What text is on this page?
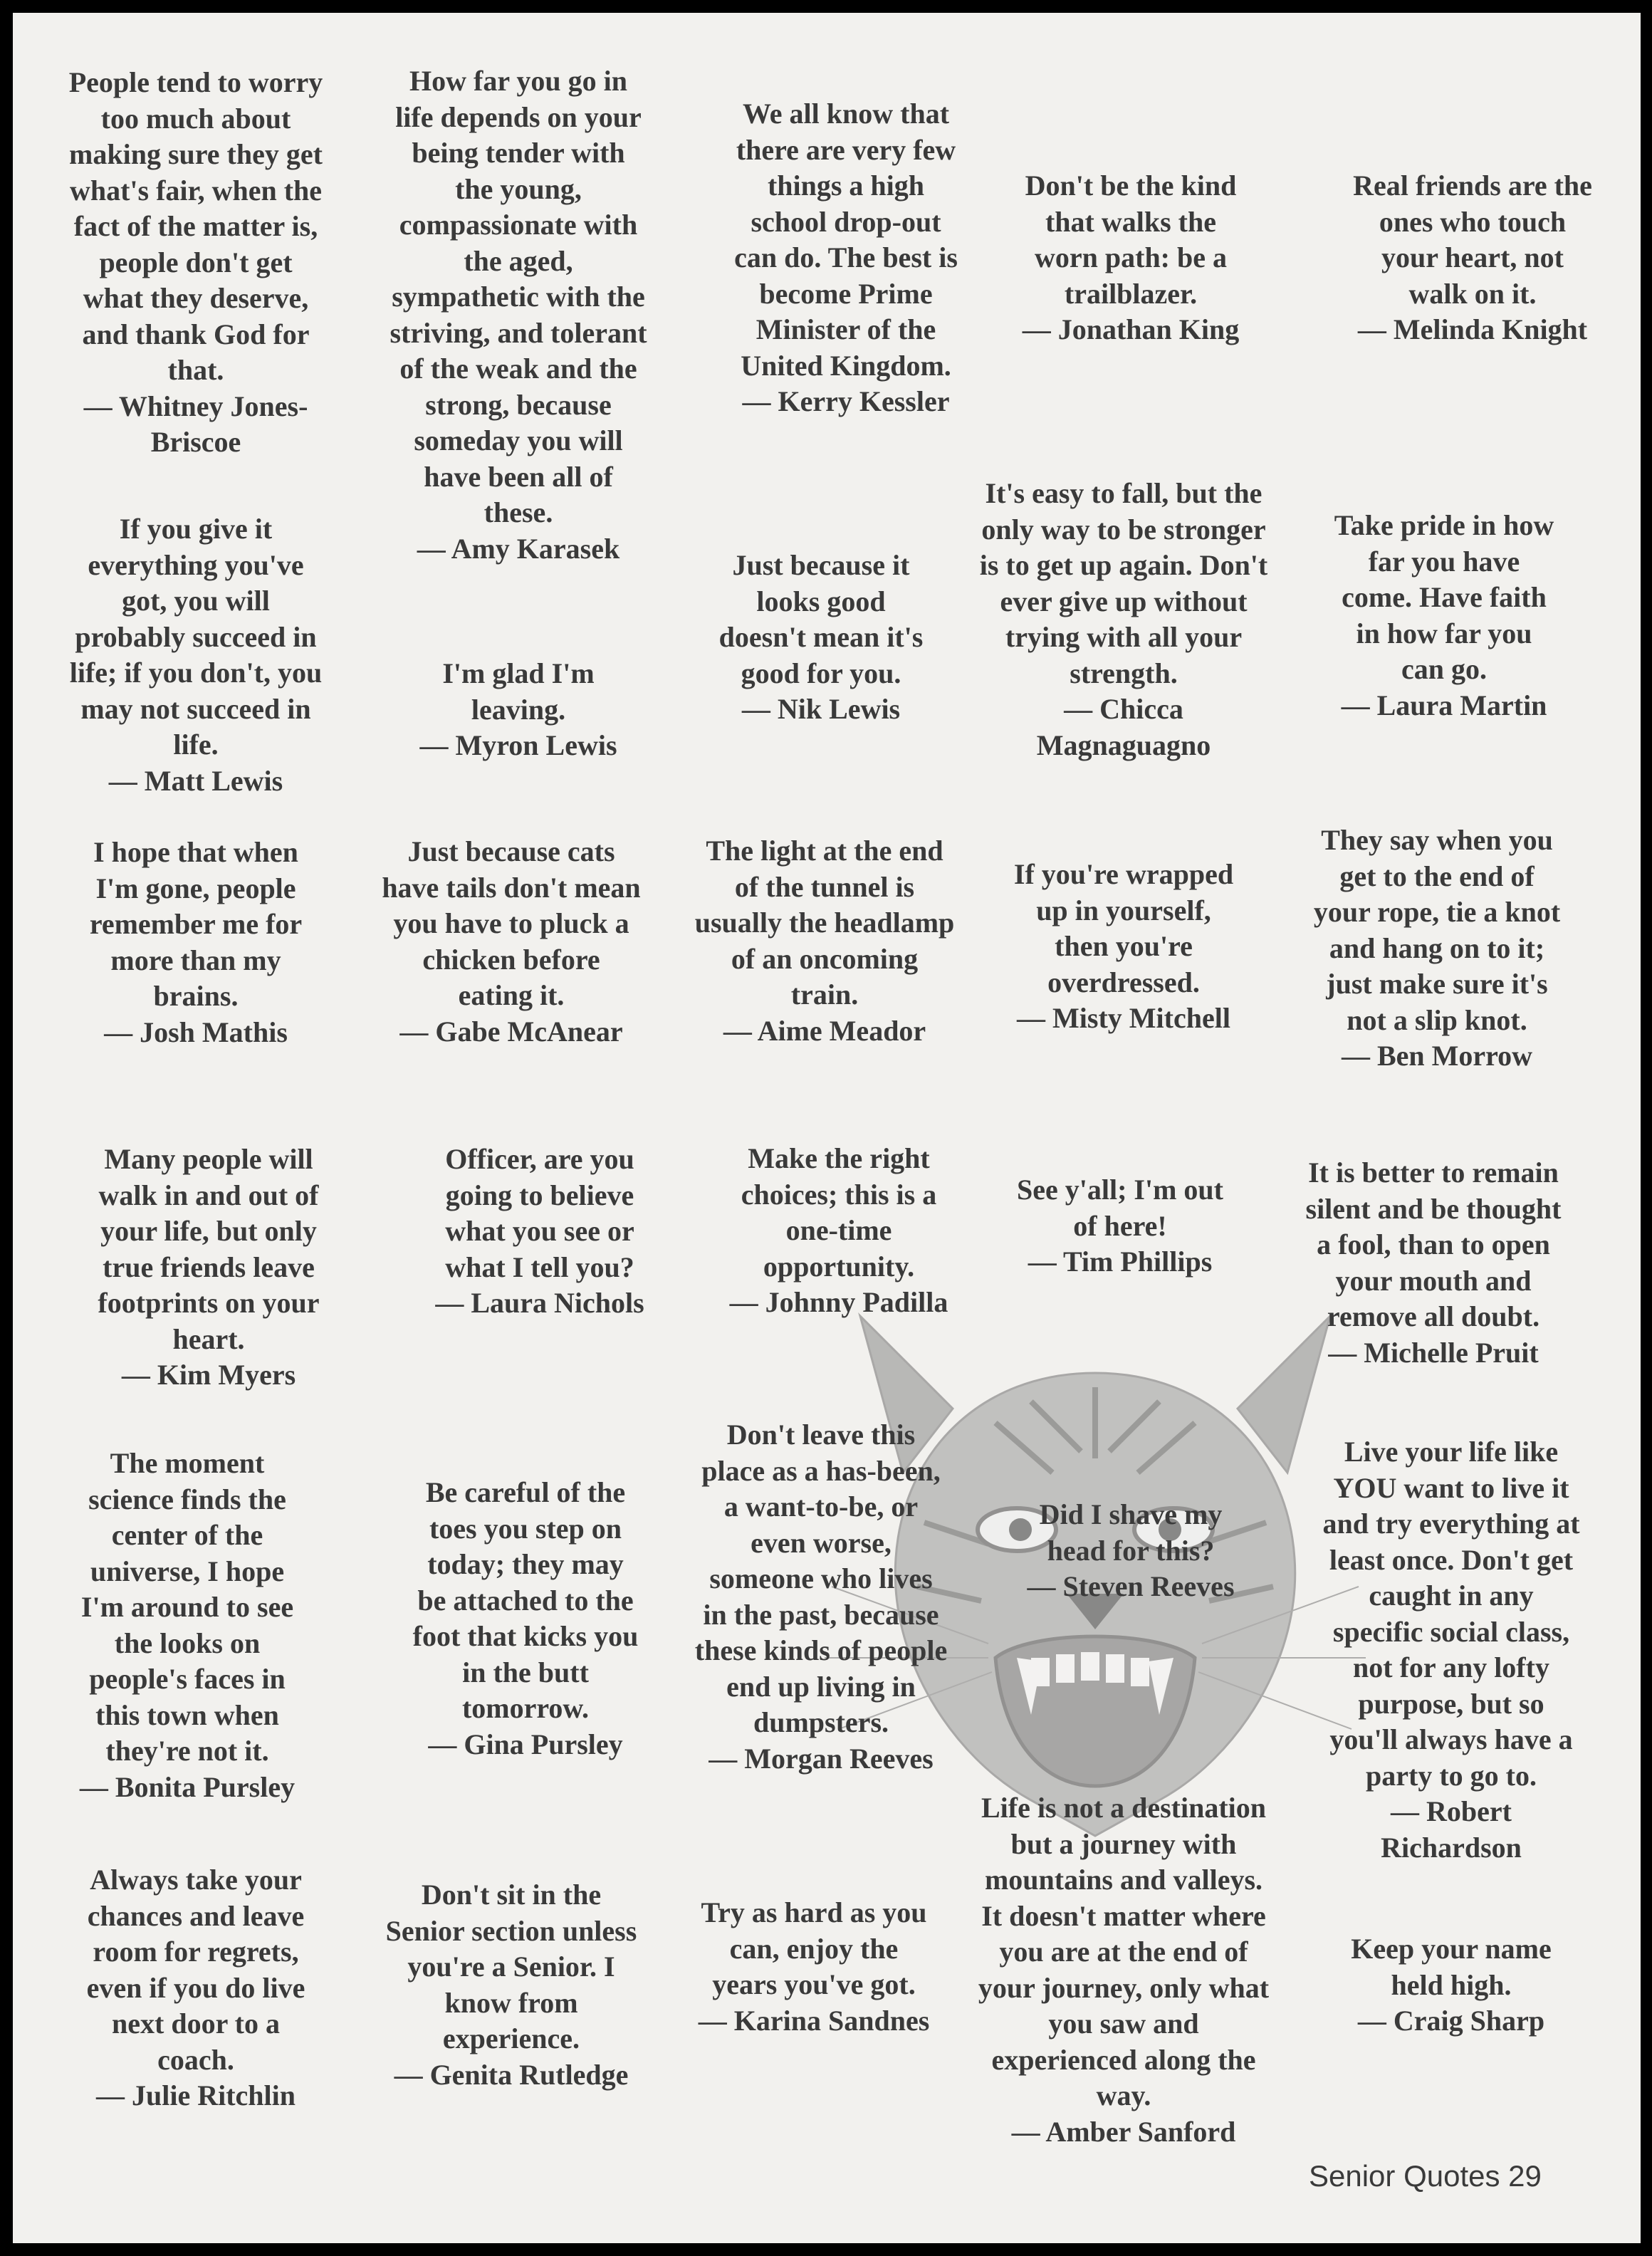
People tend to worry
too much about
making sure they get
what's fair, when the
fact of the matter is,
people don't get
what they deserve,
and thank God for
that.
— Whitney Jones-
Briscoe
How far you go in
life depends on your
being tender with
the young,
compassionate with
the aged,
sympathetic with the
striving, and tolerant
of the weak and the
strong, because
someday you will
have been all of
these.
— Amy Karasek
We all know that
there are very few
things a high
school drop-out
can do. The best is
become Prime
Minister of the
United Kingdom.
— Kerry Kessler
Don't be the kind
that walks the
worn path: be a
trailblazer.
— Jonathan King
Real friends are the
ones who touch
your heart, not
walk on it.
— Melinda Knight
If you give it
everything you've
got, you will
probably succeed in
life; if you don't, you
may not succeed in
life.
— Matt Lewis
I'm glad I'm
leaving.
— Myron Lewis
Just because it
looks good
doesn't mean it's
good for you.
— Nik Lewis
It's easy to fall, but the
only way to be stronger
is to get up again. Don't
ever give up without
trying with all your
strength.
— Chicca
Magnaguagno
Take pride in how
far you have
come. Have faith
in how far you
can go.
— Laura Martin
I hope that when
I'm gone, people
remember me for
more than my
brains.
— Josh Mathis
Just because cats
have tails don't mean
you have to pluck a
chicken before
eating it.
— Gabe McAnear
The light at the end
of the tunnel is
usually the headlamp
of an oncoming
train.
— Aime Meador
If you're wrapped
up in yourself,
then you're
overdressed.
— Misty Mitchell
They say when you
get to the end of
your rope, tie a knot
and hang on to it;
just make sure it's
not a slip knot.
— Ben Morrow
Many people will
walk in and out of
your life, but only
true friends leave
footprints on your
heart.
— Kim Myers
Officer, are you
going to believe
what you see or
what I tell you?
— Laura Nichols
Make the right
choices; this is a
one-time
opportunity.
— Johnny Padilla
See y'all; I'm out
of here!
— Tim Phillips
It is better to remain
silent and be thought
a fool, than to open
your mouth and
remove all doubt.
— Michelle Pruit
The moment
science finds the
center of the
universe, I hope
I'm around to see
the looks on
people's faces in
this town when
they're not it.
— Bonita Pursley
Be careful of the
toes you step on
today; they may
be attached to the
foot that kicks you
in the butt
tomorrow.
— Gina Pursley
Don't leave this
place as a has-been,
a want-to-be, or
even worse,
someone who lives
in the past, because
these kinds of people
end up living in
dumpsters.
— Morgan Reeves
Did I shave my
head for this?
— Steven Reeves
Live your life like
YOU want to live it
and try everything at
least once. Don't get
caught in any
specific social class,
not for any lofty
purpose, but so
you'll always have a
party to go to.
— Robert
Richardson
Always take your
chances and leave
room for regrets,
even if you do live
next door to a
coach.
— Julie Ritchlin
Don't sit in the
Senior section unless
you're a Senior. I
know from
experience.
— Genita Rutledge
Try as hard as you
can, enjoy the
years you've got.
— Karina Sandnes
Life is not a destination
but a journey with
mountains and valleys.
It doesn't matter where
you are at the end of
your journey, only what
you saw and
experienced along the
way.
— Amber Sanford
Keep your name
held high.
— Craig Sharp
Senior Quotes 29
